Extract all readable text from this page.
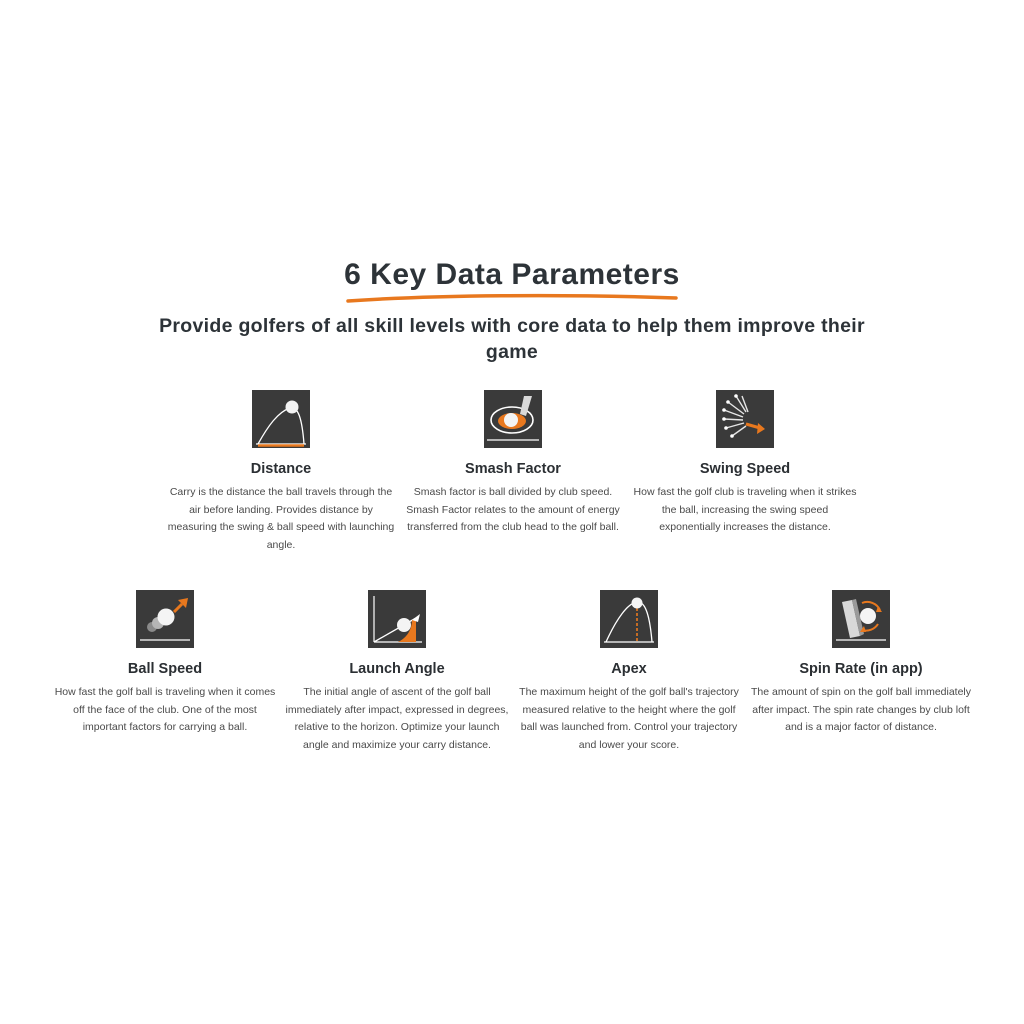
6 Key Data Parameters

Provide golfers of all skill levels with core data to help them improve their game

Distance
Carry is the distance the ball travels through the air before landing. Provides distance by measuring the swing & ball speed with launching angle.
Smash Factor
Smash factor is ball divided by club speed. Smash Factor relates to the amount of energy transferred from the club head to the golf ball.
Swing Speed
How fast the golf club is traveling when it strikes the ball, increasing the swing speed exponentially increases the distance.
Ball Speed
How fast the golf ball is traveling when it comes off the face of the club. One of the most important factors for carrying a ball.
Launch Angle
The initial angle of ascent of the golf ball immediately after impact, expressed in degrees, relative to the horizon. Optimize your launch angle and maximize your carry distance.
Apex
The maximum height of the golf ball's trajectory measured relative to the height where the golf ball was launched from. Control your trajectory and lower your score.
Spin Rate (in app)
The amount of spin on the golf ball immediately after impact. The spin rate changes by club loft and is a major factor of distance.
